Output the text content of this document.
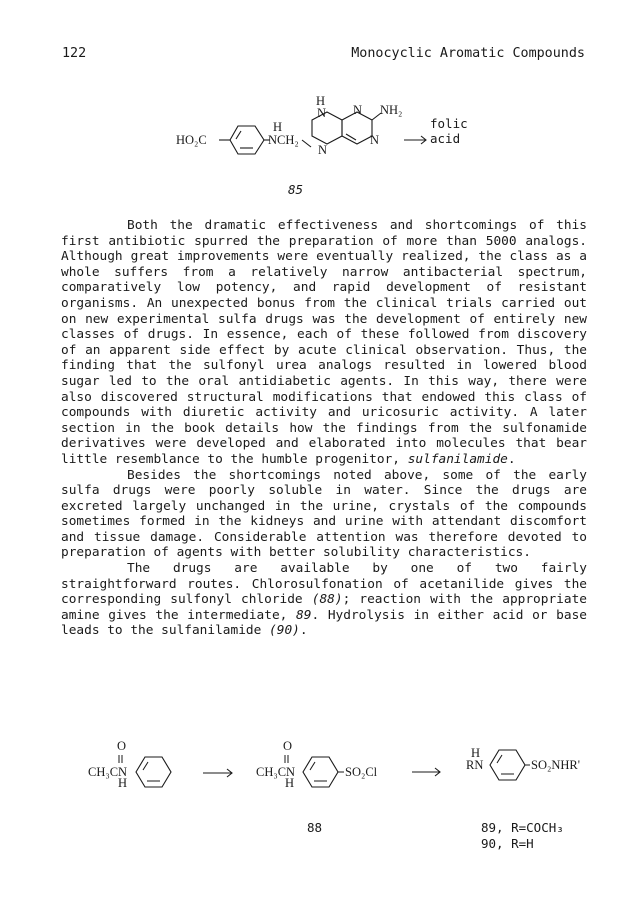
122	Monocyclic Aromatic Compounds
HO₂C
H
NCH₂
H
N
N
N
N
NH₂
folic
acid
O
CH₃CN
H
O
CH₃CN
H
SO₂Cl
H
RN	SO₂NHR'
85

Both the dramatic effectiveness and shortcomings of this first antibiotic spurred the preparation of more than 5000 analogs. Although great improvements were eventually realized, the class as a whole suffers from a relatively narrow antibacterial spectrum, comparatively low potency, and rapid development of resistant organisms. An unexpected bonus from the clinical trials carried out on new experimental sulfa drugs was the development of entirely new classes of drugs. In essence, each of these followed from discovery of an apparent side effect by acute clinical observation. Thus, the finding that the sulfonyl urea analogs resulted in lowered blood sugar led to the oral antidiabetic agents. In this way, there were also discovered structural modifications that endowed this class of compounds with diuretic activity and uricosuric activity. A later section in the book details how the findings from the sulfonamide derivatives were developed and elaborated into molecules that bear little resemblance to the humble progenitor, sulfanilamide.

Besides the shortcomings noted above, some of the early sulfa drugs were poorly soluble in water. Since the drugs are excreted largely unchanged in the urine, crystals of the compounds sometimes formed in the kidneys and urine with attendant discomfort and tissue damage. Considerable attention was therefore devoted to preparation of agents with better solubility characteristics.

The drugs are available by one of two fairly straightforward routes. Chlorosulfonation of acetanilide gives the corresponding sulfonyl chloride (88); reaction with the appropriate amine gives the intermediate, 89. Hydrolysis in either acid or base leads to the sulfanilamide (90).

88	89, R=COCH₃
90, R=H
